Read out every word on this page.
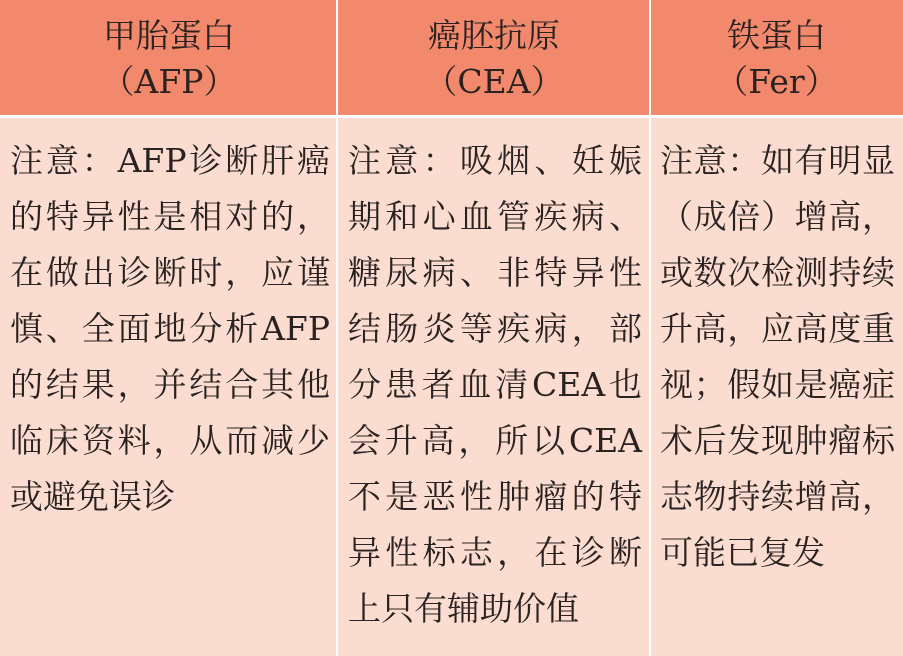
甲胎蛋白
（AFP）
癌胚抗原
（CEA）
铁蛋白
（Fer）
注意：AFP诊断肝癌的特异性是相对的，在做出诊断时，应谨慎、全面地分析AFP的结果，并结合其他临床资料，从而减少或避免误诊
注意：吸烟、妊娠期和心血管疾病、糖尿病、非特异性结肠炎等疾病，部分患者血清CEA也会升高，所以CEA不是恶性肿瘤的特异性标志，在诊断上只有辅助价值
注意：如有明显（成倍）增高，或数次检测持续升高，应高度重视；假如是癌症术后发现肿瘤标志物持续增高，可能已复发
